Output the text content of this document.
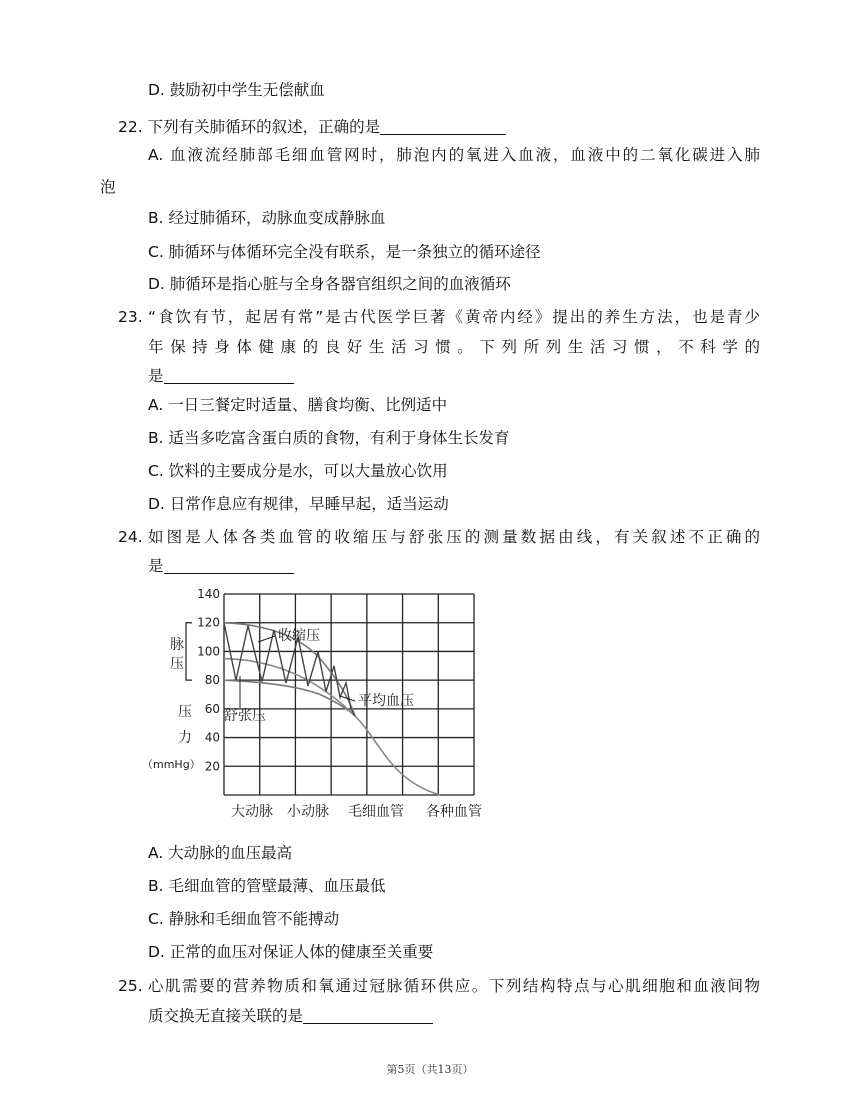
D. 鼓励初中学生无偿献血
22. 下列有关肺循环的叙述，正确的是
A. 血液流经肺部毛细血管网时，肺泡内的氧进入血液，血液中的二氧化碳进入肺
泡
B. 经过肺循环，动脉血变成静脉血
C. 肺循环与体循环完全没有联系，是一条独立的循环途径
D. 肺循环是指心脏与全身各器官组织之间的血液循环
23. “食饮有节，起居有常”是古代医学巨著《黄帝内经》提出的养生方法，也是青少
年保持身体健康的良好生活习惯。下列所列生活习惯，不科学的
是
A. 一日三餐定时适量、膳食均衡、比例适中
B. 适当多吃富含蛋白质的食物，有利于身体生长发育
C. 饮料的主要成分是水，可以大量放心饮用
D. 日常作息应有规律，早睡早起，适当运动
24. 如图是人体各类血管的收缩压与舒张压的测量数据由线，有关叙述不正确的
是
140
120
100
80
60
40
20
大动脉 小动脉 毛细血管 各种血管
收缩压
舒张压
平均血压
脉
压
压
力
（mmHg）
A. 大动脉的血压最高
B. 毛细血管的管壁最薄、血压最低
C. 静脉和毛细血管不能搏动
D. 正常的血压对保证人体的健康至关重要
25. 心肌需要的营养物质和氧通过冠脉循环供应。下列结构特点与心肌细胞和血液间物
质交换无直接关联的是
第5页（共13页）
